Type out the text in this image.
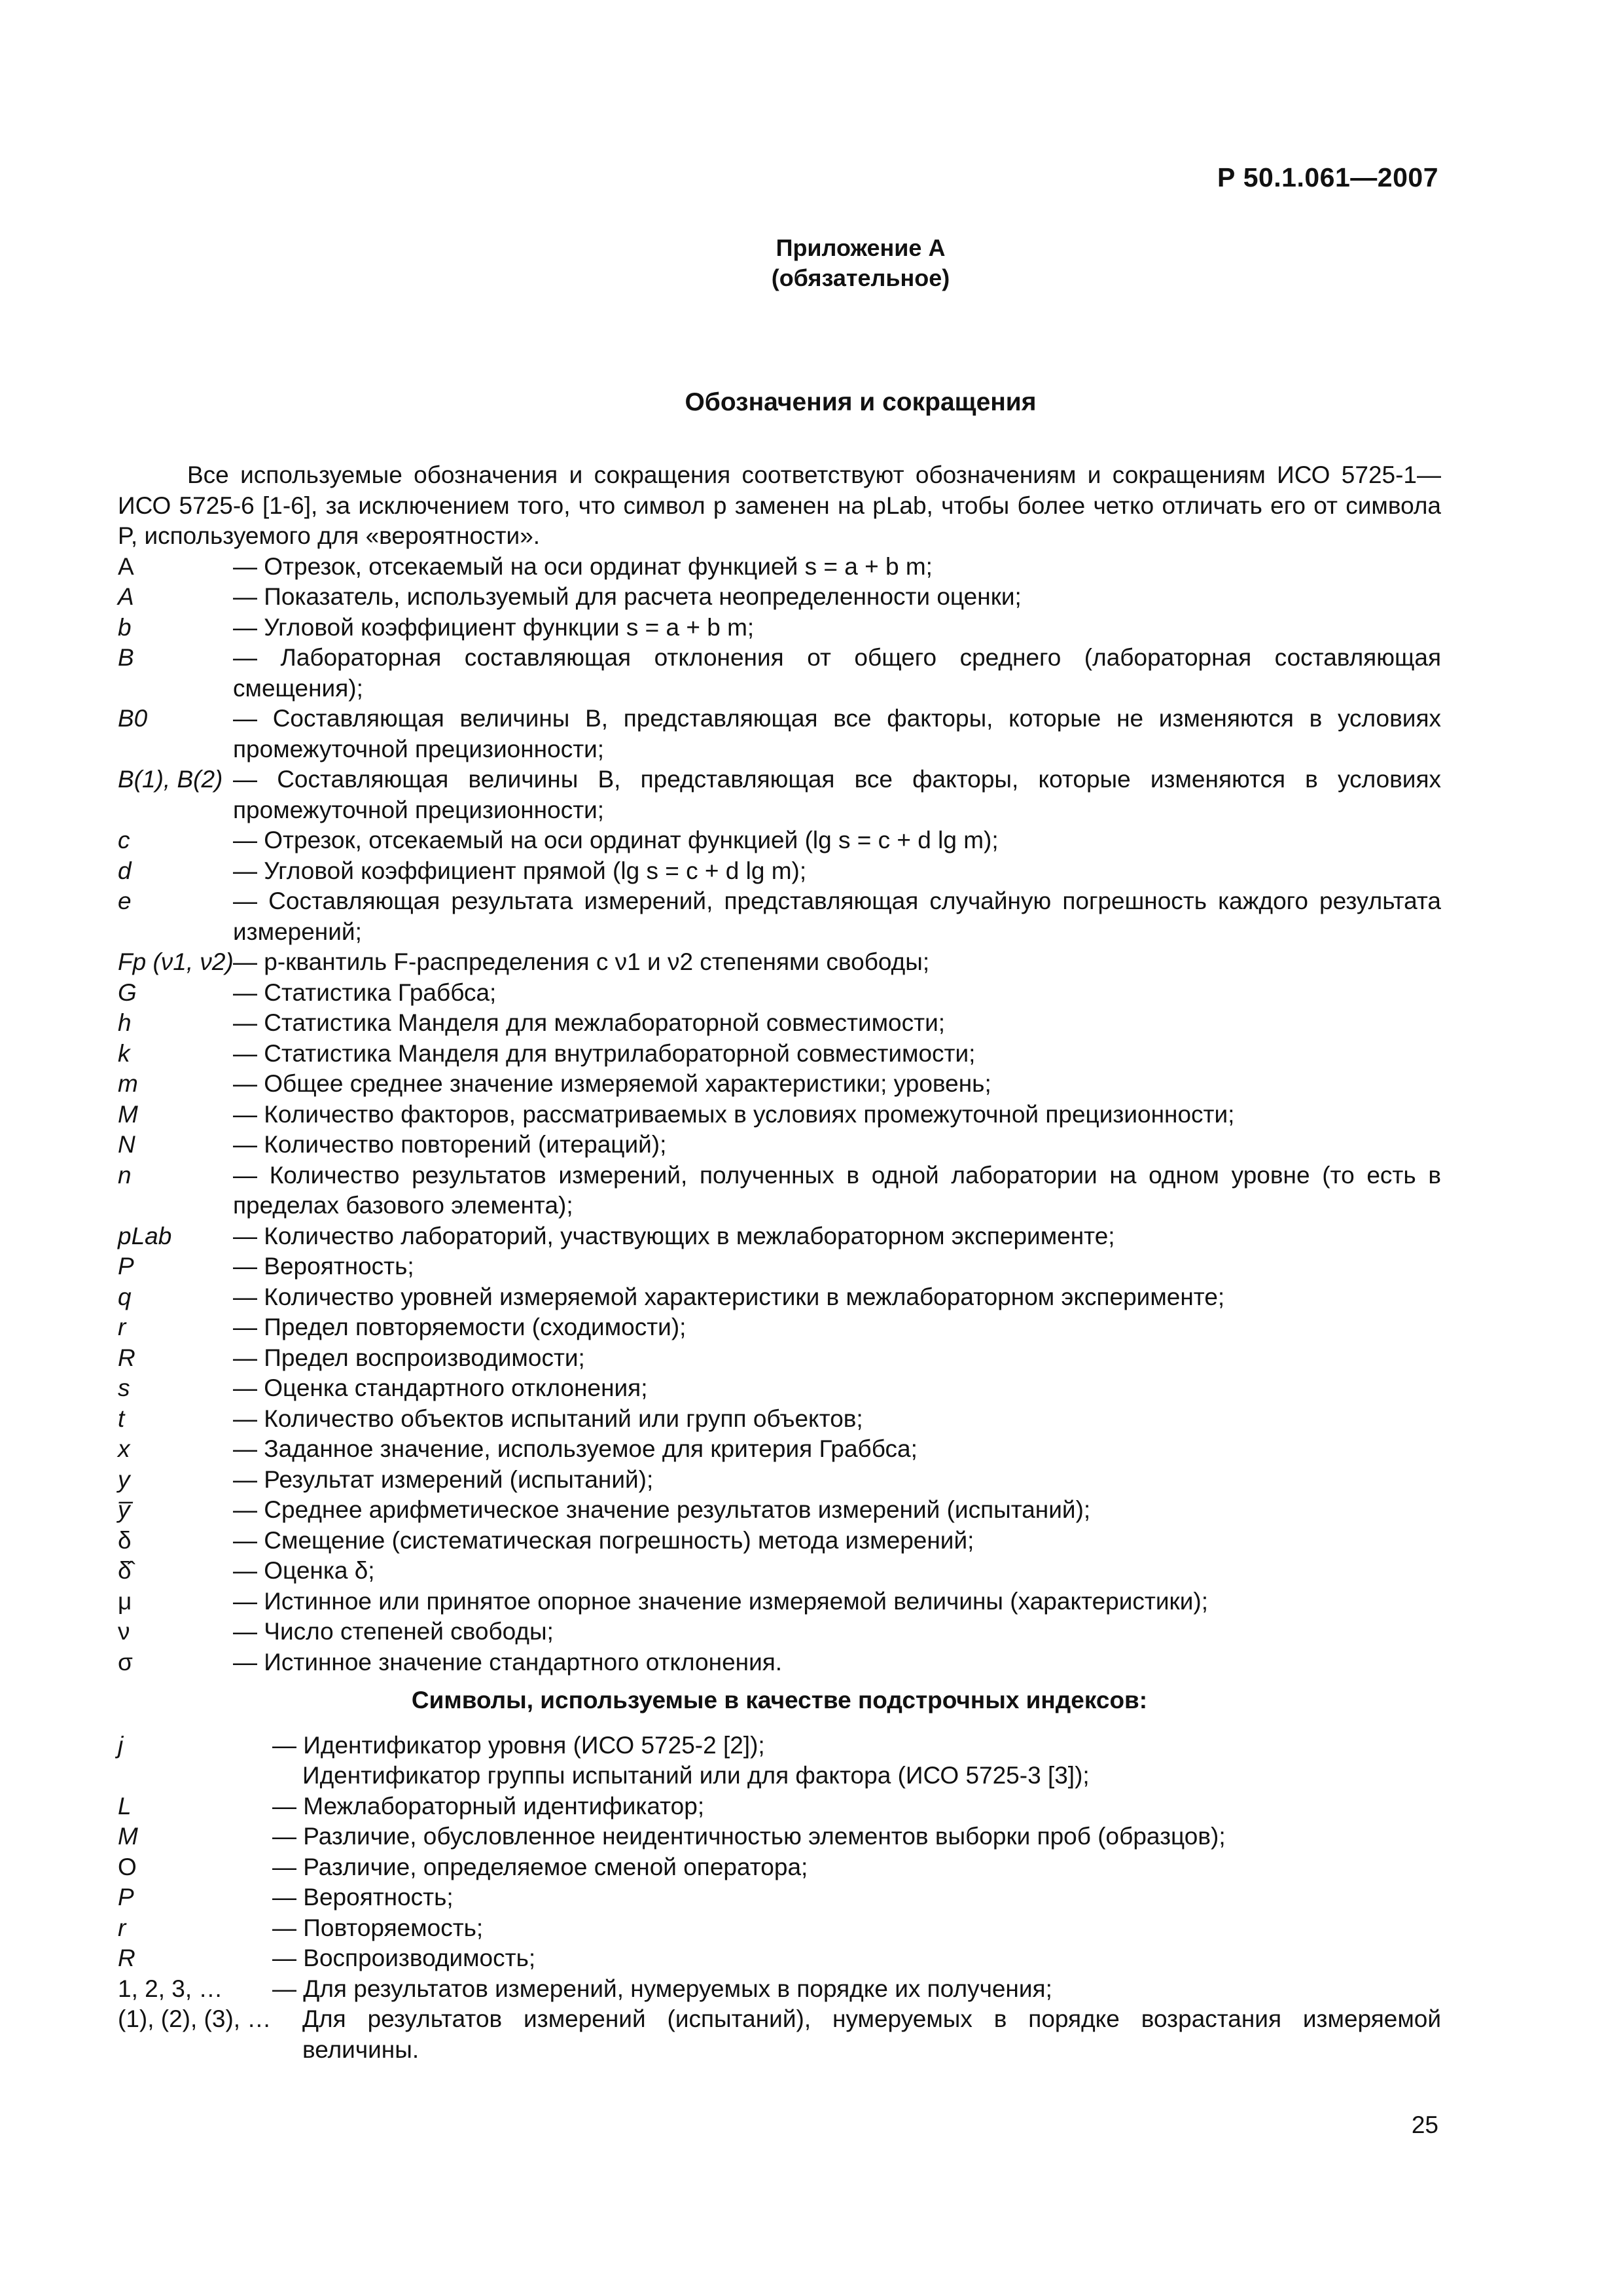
Р 50.1.061—2007
Приложение А
(обязательное)
Обозначения и сокращения

Все используемые обозначения и сокращения соответствуют обозначениям и сокращениям ИСО 5725-1—ИСО 5725-6 [1-6], за исключением того, что символ p заменен на pLab, чтобы более четко отличать его от символа P, используемого для «вероятности».

A	— Отрезок, отсекаемый на оси ординат функцией s = a + b m;
A	— Показатель, используемый для расчета неопределенности оценки;
b	— Угловой коэффициент функции s = a + b m;
B	— Лабораторная составляющая отклонения от общего среднего (лабораторная составляющая смещения);
B0	— Составляющая величины B, представляющая все факторы, которые не изменяются в условиях промежуточной прецизионности;
B(1), B(2)	— Составляющая величины B, представляющая все факторы, которые изменяются в условиях промежуточной прецизионности;
c	— Отрезок, отсекаемый на оси ординат функцией (lg s = c + d lg m);
d	— Угловой коэффициент прямой (lg s = c + d lg m);
e	— Составляющая результата измерений, представляющая случайную погрешность каждого результата измерений;
Fp (ν1, ν2)	— p-квантиль F-распределения с ν1 и ν2 степенями свободы;
G	— Статистика Граббса;
h	— Статистика Манделя для межлабораторной совместимости;
k	— Статистика Манделя для внутрилабораторной совместимости;
m	— Общее среднее значение измеряемой характеристики; уровень;
M	— Количество факторов, рассматриваемых в условиях промежуточной прецизионности;
N	— Количество повторений (итераций);
n	— Количество результатов измерений, полученных в одной лаборатории на одном уровне (то есть в пределах базового элемента);
pLab	— Количество лабораторий, участвующих в межлабораторном эксперименте;
P	— Вероятность;
q	— Количество уровней измеряемой характеристики в межлабораторном эксперименте;
r	— Предел повторяемости (сходимости);
R	— Предел воспроизводимости;
s	— Оценка стандартного отклонения;
t	— Количество объектов испытаний или групп объектов;
x	— Заданное значение, используемое для критерия Граббса;
y	— Результат измерений (испытаний);
y̅	— Среднее арифметическое значение результатов измерений (испытаний);
δ	— Смещение (систематическая погрешность) метода измерений;
δ̂	— Оценка δ;
μ	— Истинное или принятое опорное значение измеряемой величины (характеристики);
ν	— Число степеней свободы;
σ	— Истинное значение стандартного отклонения.
Символы, используемые в качестве подстрочных индексов:
j	— Идентификатор уровня (ИСО 5725-2 [2]);
Идентификатор группы испытаний или для фактора (ИСО 5725-3 [3]);
L	— Межлабораторный идентификатор;
M	— Различие, обусловленное неидентичностью элементов выборки проб (образцов);
O	— Различие, определяемое сменой оператора;
P	— Вероятность;
r	— Повторяемость;
R	— Воспроизводимость;
1, 2, 3, …	— Для результатов измерений, нумеруемых в порядке их получения;
(1), (2), (3), …	Для результатов измерений (испытаний), нумеруемых в порядке возрастания измеряемой величины.
25
